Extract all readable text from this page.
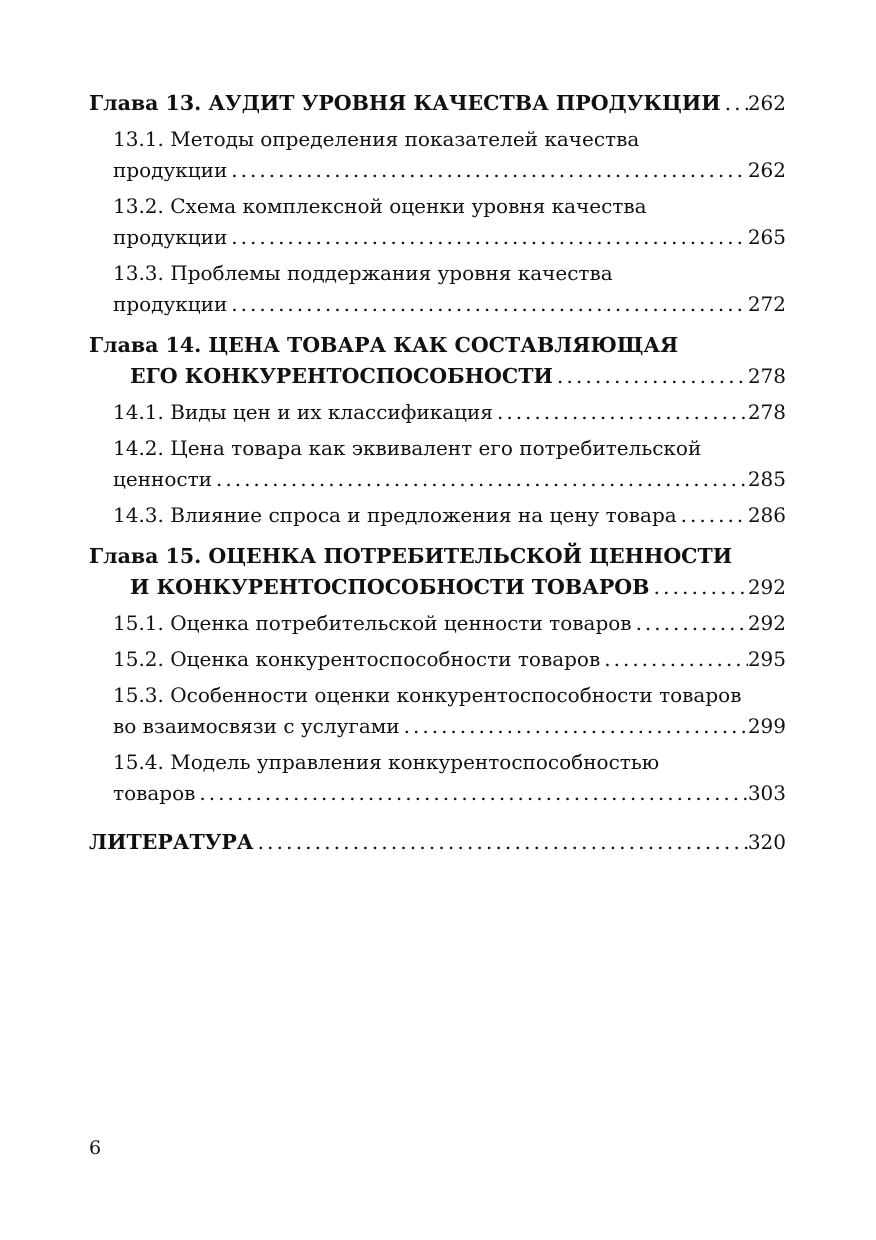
Глава 13. АУДИТ УРОВНЯ КАЧЕСТВА ПРОДУКЦИИ ..... 262
13.1. Методы определения показателей качества
продукции .....	262
13.2. Схема комплексной оценки уровня качества
продукции .....	265
13.3. Проблемы поддержания уровня качества
продукции .....	272
Глава 14. ЦЕНА ТОВАРА КАК СОСТАВЛЯЮЩАЯ
ЕГО КОНКУРЕНТОСПОСОБНОСТИ .....	278
14.1. Виды цен и их классификация .....	278
14.2. Цена товара как эквивалент его потребительской
ценности .....	285
14.3. Влияние спроса и предложения на цену товара .....	286
Глава 15. ОЦЕНКА ПОТРЕБИТЕЛЬСКОЙ ЦЕННОСТИ
И КОНКУРЕНТОСПОСОБНОСТИ ТОВАРОВ .....	292
15.1. Оценка потребительской ценности товаров .....	292
15.2. Оценка конкурентоспособности товаров .....	295
15.3. Особенности оценки конкурентоспособности товаров
во взаимосвязи с услугами .....	299
15.4. Модель управления конкурентоспособностью
товаров .....	303
ЛИТЕРАТУРА .....	320
6
